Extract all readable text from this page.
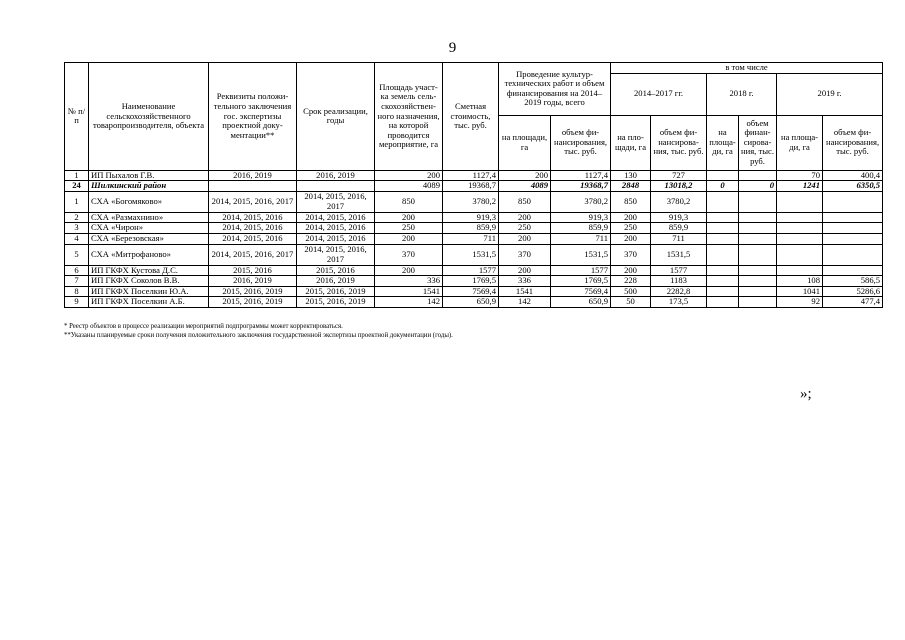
9
№ п/п	Наименование сельскохозяйственного товаропроизводителя, объекта	Реквизиты положительного заключения гос. экспертизы проектной документации**	Срок реализации, годы	Площадь участка земель сельскохозяйственного назначения, на которой проводится мероприятие, га	Сметная стоимость, тыс. руб.	Проведение культуртехнических работ и объем финансирования на 2014–2019 годы, всего		в том числе					
								2014–2017 гг.		2018 г.		2019 г.	
						на площади, га	объем финансирования, тыс. руб.	на площади, га	объем финансирования, тыс. руб.	на площади, га	объем финансирования, тыс. руб.	на площади, га	объем финансирования, тыс. руб.
1	ИП Пыхалов Г.В.	2016, 2019	2016, 2019	200	1127,4	200	1127,4	130	727			70	400,4
24	Шилкинский район			4089	19368,7	4089	19368,7	2848	13018,2	0	0	1241	6350,5
1	СХА «Богомяково»	2014, 2015, 2016, 2017	2014, 2015, 2016, 2017	850	3780,2	850	3780,2	850	3780,2				
2	СХА «Размахнино»	2014, 2015, 2016	2014, 2015, 2016	200	919,3	200	919,3	200	919,3				
3	СХА «Чирон»	2014, 2015, 2016	2014, 2015, 2016	250	859,9	250	859,9	250	859,9				
4	СХА «Березовская»	2014, 2015, 2016	2014, 2015, 2016	200	711	200	711	200	711				
5	СХА «Митрофаново»	2014, 2015, 2016, 2017	2014, 2015, 2016, 2017	370	1531,5	370	1531,5	370	1531,5				
6	ИП ГКФХ Кустова Д.С.	2015, 2016	2015, 2016	200	1577	200	1577	200	1577				
7	ИП ГКФХ Соколов В.В.	2016, 2019	2016, 2019	336	1769,5	336	1769,5	228	1183			108	586,5
8	ИП ГКФХ Поселкин Ю.А.	2015, 2016, 2019	2015, 2016, 2019	1541	7569,4	1541	7569,4	500	2282,8			1041	5286,6
9	ИП ГКФХ Поселкин А.Б.	2015, 2016, 2019	2015, 2016, 2019	142	650,9	142	650,9	50	173,5			92	477,4
* Реестр объектов в процессе реализации мероприятий подпрограммы может корректироваться.
**Указаны планируемые сроки получения положительного заключения государственной экспертизы проектной документации (годы).
»;
